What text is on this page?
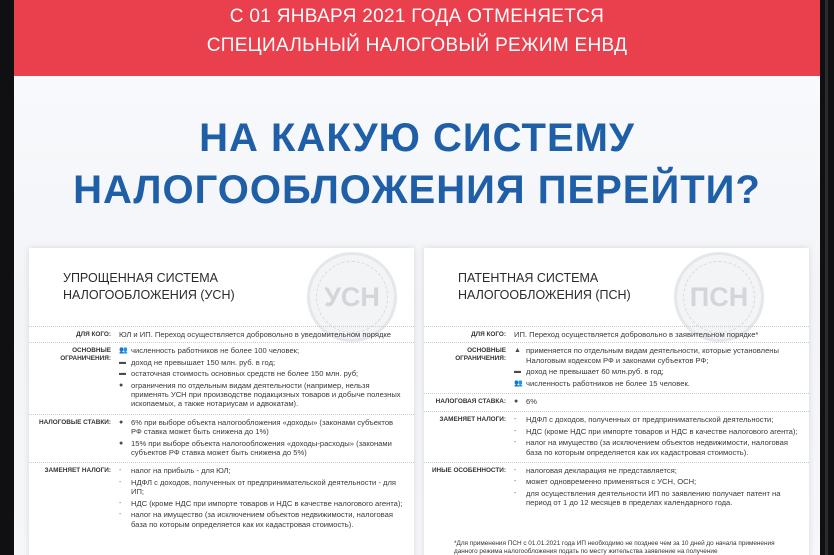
С 01 ЯНВАРЯ 2021 ГОДА ОТМЕНЯЕТСЯ
СПЕЦИАЛЬНЫЙ НАЛОГОВЫЙ РЕЖИМ ЕНВД
НА КАКУЮ СИСТЕМУ
НАЛОГООБЛОЖЕНИЯ ПЕРЕЙТИ?
УСН
УПРОЩЕННАЯ СИСТЕМА
НАЛОГООБЛОЖЕНИЯ (УСН)
ДЛЯ КОГО:	ЮЛ и ИП. Переход осуществляется добровольно в уведомительном порядке
ОСНОВНЫЕ ОГРАНИЧЕНИЯ:
👥 численность работников не более 100 человек;
▬ доход не превышает 150 млн. руб. в год;
▬ остаточная стоимость основных средств не более 150 млн. руб;
●	ограничения по отдельным видам деятельности (например, нельзя применять УСН при производстве подакцизных товаров и добыче полезных ископаемых, а также нотариусам и адвокатам).
НАЛОГОВЫЕ СТАВКИ:	●	6% при выборе объекта налогообложения «доходы» (законами субъектов РФ ставка может быть снижена до 1%)
●	15% при выборе объекта налогообложения «доходы-расходы» (законами субъектов РФ ставка может быть снижена до 5%)
ЗАМЕНЯЕТ НАЛОГИ:	-	налог на прибыль - для ЮЛ;
-	НДФЛ с доходов, полученных от предпринимательской деятельности - для ИП;
-	НДС (кроме НДС при импорте товаров и НДС в качестве налогового агента);
-	налог на имущество (за исключением объектов недвижимости, налоговая база по которым определяется как их кадастровая стоимость).
ПСН
ПАТЕНТНАЯ СИСТЕМА
НАЛОГООБЛОЖЕНИЯ (ПСН)
ДЛЯ КОГО:	ИП. Переход осуществляется добровольно в заявительном порядке*
ОСНОВНЫЕ ОГРАНИЧЕНИЯ:
▲ применяется по отдельным видам деятельности, которые установлены Налоговым кодексом РФ и законами субъектов РФ;
▬ доход не превышает 60 млн.руб. в год;
👥 численность работников не более 15 человек.
НАЛОГОВАЯ СТАВКА:	●	6%
ЗАМЕНЯЕТ НАЛОГИ:	-	НДФЛ с доходов, полученных от предпринимательской деятельности;
-	НДС (кроме НДС при импорте товаров и НДС в качестве налогового агента);
-	налог на имущество (за исключением объектов недвижимости, налоговая база по которым определяется как их кадастровая стоимость).
ИНЫЕ ОСОБЕННОСТИ:	-	налоговая декларация не представляется;
-	может одновременно применяться с УСН, ОСН;
-	для осуществления деятельности ИП по заявлению получает патент на период от 1 до 12 месяцев в пределах календарного года.
*Для применения ПСН с 01.01.2021 года ИП необходимо не позднее чем за 10 дней до начала применения данного режима налогообложения подать по месту жительства заявление на получение
